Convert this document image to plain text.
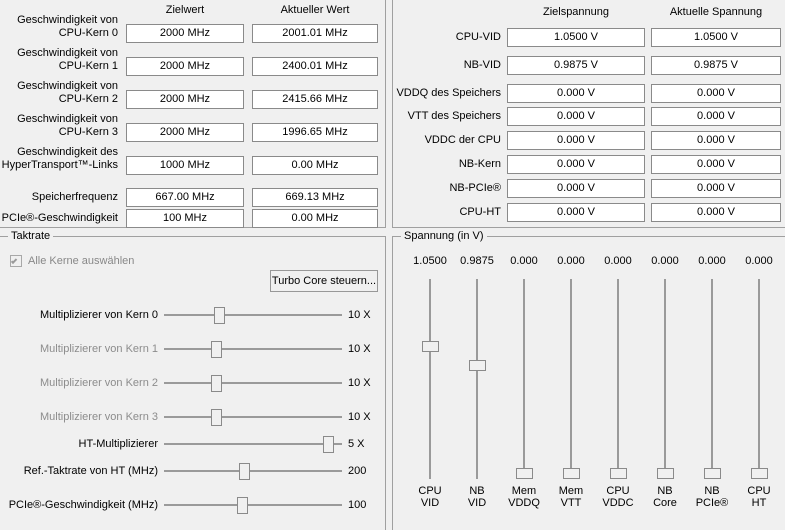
Zielwert	Aktueller Wert
Geschwindigkeit von
CPU-Kern 0	2000 MHz	2001.01 MHz
Geschwindigkeit von
CPU-Kern 1	2000 MHz	2400.01 MHz
Geschwindigkeit von
CPU-Kern 2	2000 MHz	2415.66 MHz
Geschwindigkeit von
CPU-Kern 3	2000 MHz	1996.65 MHz
Geschwindigkeit des
HyperTransport™-Links	1000 MHz	0.00 MHz
Speicherfrequenz	667.00 MHz	669.13 MHz
PCIe®-Geschwindigkeit	100 MHz	0.00 MHz
Zielspannung	Aktuelle Spannung
CPU-VID	1.0500 V	1.0500 V
NB-VID	0.9875 V	0.9875 V
VDDQ des Speichers	0.000 V	0.000 V
VTT des Speichers	0.000 V	0.000 V
VDDC der CPU	0.000 V	0.000 V
NB-Kern	0.000 V	0.000 V
NB-PCIe®	0.000 V	0.000 V
CPU-HT	0.000 V	0.000 V
Taktrate
Alle Kerne auswählen
Turbo Core steuern...
Multiplizierer von Kern 0	10 X
Multiplizierer von Kern 1	10 X
Multiplizierer von Kern 2	10 X
Multiplizierer von Kern 3	10 X
HT-Multiplizierer	5 X
Ref.-Taktrate von HT (MHz)	200
PCIe®-Geschwindigkeit (MHz)	100
Spannung (in V)
1.0500
CPU
VID
0.9875
NB
VID
0.000
Mem
VDDQ
0.000
Mem
VTT
0.000
CPU
VDDC
0.000
NB
Core
0.000
NB
PCIe®
0.000
CPU
HT
